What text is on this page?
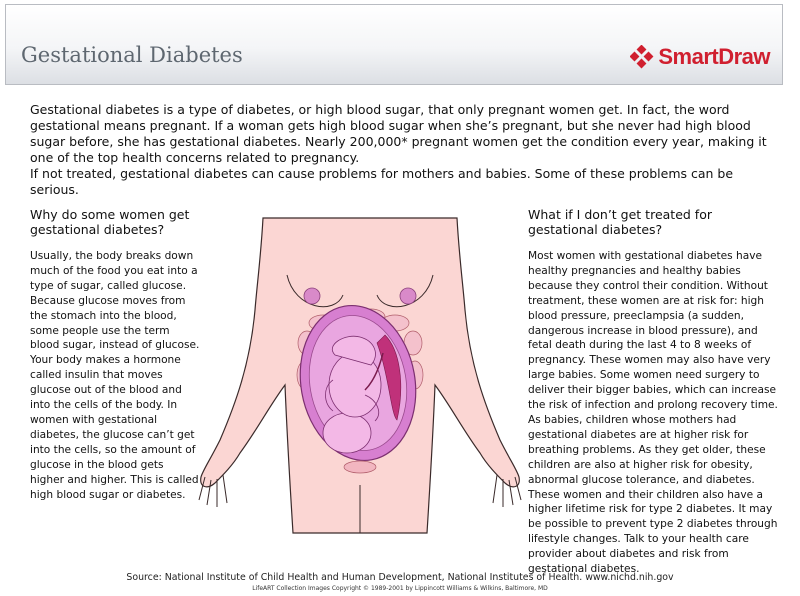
Gestational Diabetes	SmartDraw

Gestational diabetes is a type of diabetes, or high blood sugar, that only pregnant women get. In fact, the word gestational means pregnant. If a woman gets high blood sugar when she’s pregnant, but she never had high blood sugar before, she has gestational diabetes. Nearly 200,000* pregnant women get the condition every year, making it one of the top health concerns related to pregnancy.

If not treated, gestational diabetes can cause problems for mothers and babies. Some of these problems can be serious.

Why do some women get gestational diabetes?
Usually, the body breaks down much of the food you eat into a type of sugar, called glucose. Because glucose moves from the stomach into the blood, some people use the term blood sugar, instead of glucose. Your body makes a hormone called insulin that moves glucose out of the blood and into the cells of the body. In women with gestational diabetes, the glucose can’t get into the cells, so the amount of glucose in the blood gets higher and higher. This is called high blood sugar or diabetes.
What if I don’t get treated for gestational diabetes?

Most women with gestational diabetes have healthy pregnancies and healthy babies because they control their condition. Without treatment, these women are at risk for: high blood pressure, preeclampsia (a sudden, dangerous increase in blood pressure), and fetal death during the last 4 to 8 weeks of pregnancy. These women may also have very large babies. Some women need surgery to deliver their bigger babies, which can increase the risk of infection and prolong recovery time.

As babies, children whose mothers had gestational diabetes are at higher risk for breathing problems. As they get older, these children are also at higher risk for obesity, abnormal glucose tolerance, and diabetes. These women and their children also have a higher lifetime risk for type 2 diabetes. It may be possible to prevent type 2 diabetes through lifestyle changes. Talk to your health care provider about diabetes and risk from gestational diabetes.

Source: National Institute of Child Health and Human Development, National Institutes of Health. www.nichd.nih.gov
LifeART Collection Images Copyright © 1989-2001 by Lippincott Williams & Wilkins, Baltimore, MD
